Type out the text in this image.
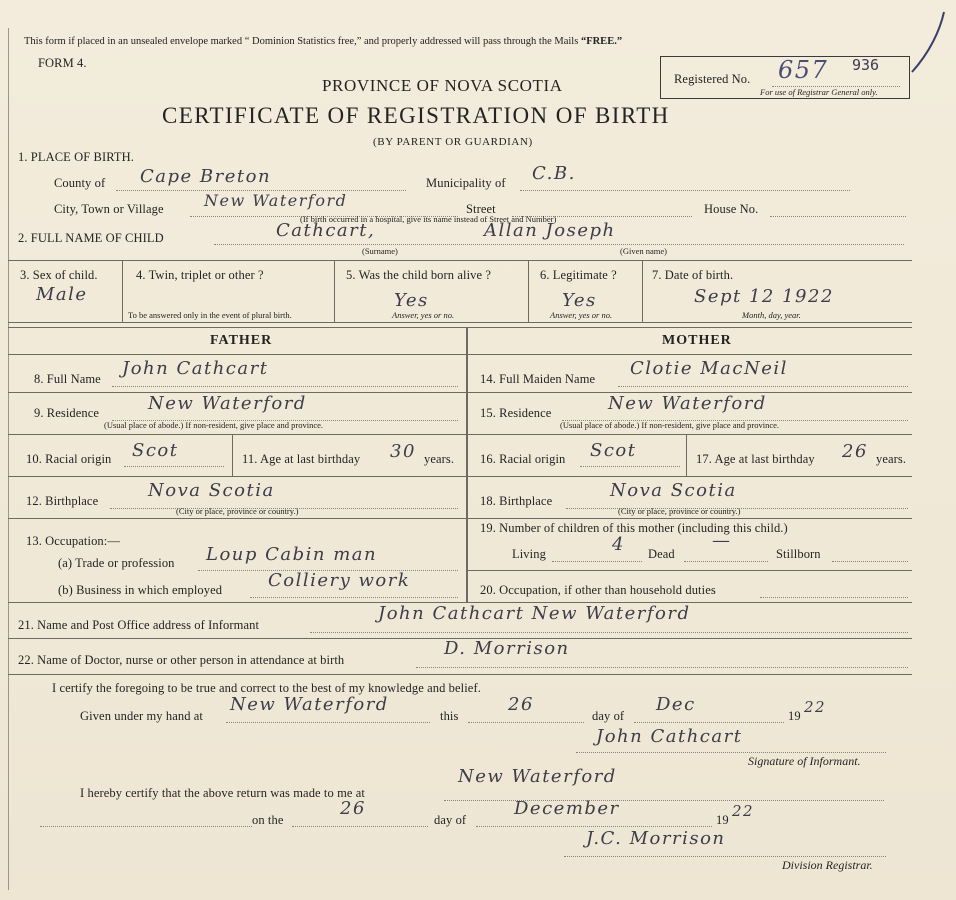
This form if placed in an unsealed envelope marked “ Dominion Statistics free,” and properly addressed will pass through the Mails “FREE.”
FORM 4.
Registered No. 657 936
For use of Registrar General only.
PROVINCE OF NOVA SCOTIA
CERTIFICATE OF REGISTRATION OF BIRTH
(BY PARENT OR GUARDIAN)
1. PLACE OF BIRTH.
County of Cape Breton	Municipality of C.B.
City, Town or Village	New Waterford	Street	House No.
(If birth occurred in a hospital, give its name instead of Street and Number)
2. FULL NAME OF CHILD	Cathcart,	Allan Joseph
(Surname)	(Given name)
3. Sex of child.
Male
4. Twin, triplet or other ?
To be answered only in the event of plural birth.
5. Was the child born alive ?
Yes
Answer, yes or no.
6. Legitimate ?
Yes
Answer, yes or no.
7. Date of birth.
Sept 12 1922
Month, day, year.
FATHER	MOTHER
8. Full Name John Cathcart
9. Residence	New Waterford
(Usual place of abode.) If non-resident, give place and province.
10. Racial origin Scot	11. Age at last birthday 30 years.
12. Birthplace	Nova Scotia
(City or place, province or country.)
13. Occupation:—
(a) Trade or profession Loup Cabin man
(b) Business in which employed	Colliery work
14. Full Maiden Name Clotie MacNeil
15. Residence	New Waterford
(Usual place of abode.) If non-resident, give place and province.
16. Racial origin Scot	17. Age at last birthday 26 years.
18. Birthplace	Nova Scotia
(City or place, province or country.)
19. Number of children of this mother (including this child.)
Living	4 Dead
—
Stillborn
20. Occupation, if other than household duties
21. Name and Post Office address of Informant
John Cathcart New Waterford
22. Name of Doctor, nurse or other person in attendance at birth
D. Morrison
I certify the foregoing to be true and correct to the best of my knowledge and belief.
Given under my hand at
New Waterford
this
26
day of
Dec
19 22
John Cathcart
Signature of Informant.
I hereby certify that the above return was made to me at
New Waterford
on the
26
day of
December
19 22
J.C. Morrison
Division Registrar.
